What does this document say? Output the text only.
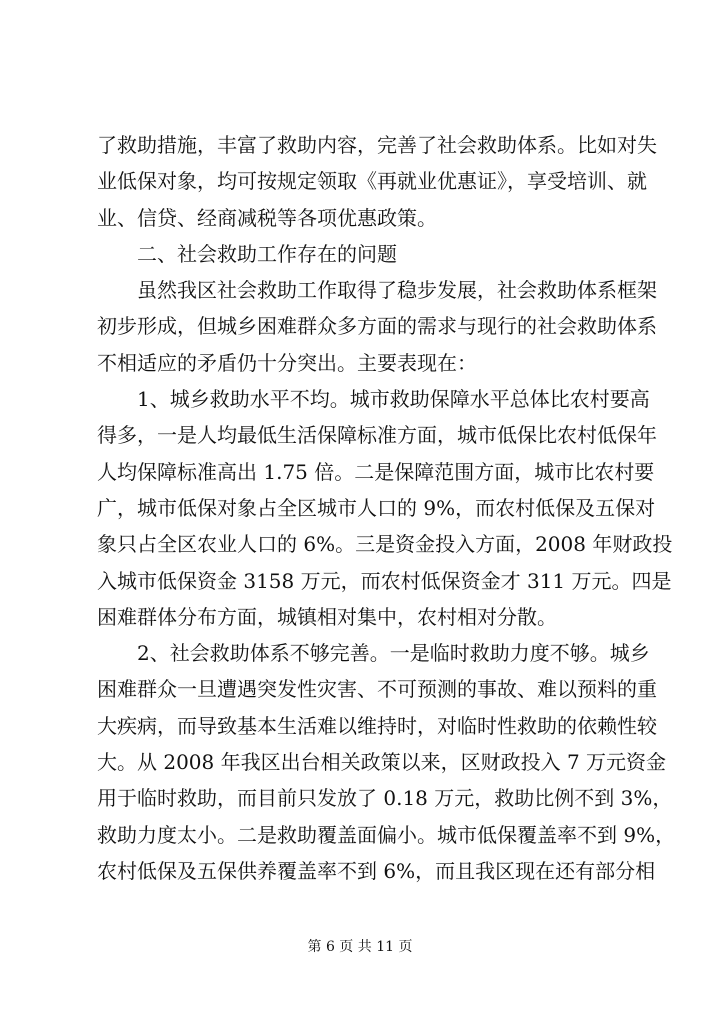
了救助措施，丰富了救助内容，完善了社会救助体系。比如对失
业低保对象，均可按规定领取《再就业优惠证》，享受培训、就
业、信贷、经商减税等各项优惠政策。
二、社会救助工作存在的问题
虽然我区社会救助工作取得了稳步发展，社会救助体系框架
初步形成，但城乡困难群众多方面的需求与现行的社会救助体系
不相适应的矛盾仍十分突出。主要表现在：
1、城乡救助水平不均。城市救助保障水平总体比农村要高
得多，一是人均最低生活保障标准方面，城市低保比农村低保年
人均保障标准高出 1.75 倍。二是保障范围方面，城市比农村要
广，城市低保对象占全区城市人口的 9%，而农村低保及五保对
象只占全区农业人口的 6%。三是资金投入方面，2008 年财政投
入城市低保资金 3158 万元，而农村低保资金才 311 万元。四是
困难群体分布方面，城镇相对集中，农村相对分散。
2、社会救助体系不够完善。一是临时救助力度不够。城乡
困难群众一旦遭遇突发性灾害、不可预测的事故、难以预料的重
大疾病，而导致基本生活难以维持时，对临时性救助的依赖性较
大。从 2008 年我区出台相关政策以来，区财政投入 7 万元资金
用于临时救助，而目前只发放了 0.18 万元，救助比例不到 3%，
救助力度太小。二是救助覆盖面偏小。城市低保覆盖率不到 9%，
农村低保及五保供养覆盖率不到 6%，而且我区现在还有部分相
第 6 页 共 11 页
